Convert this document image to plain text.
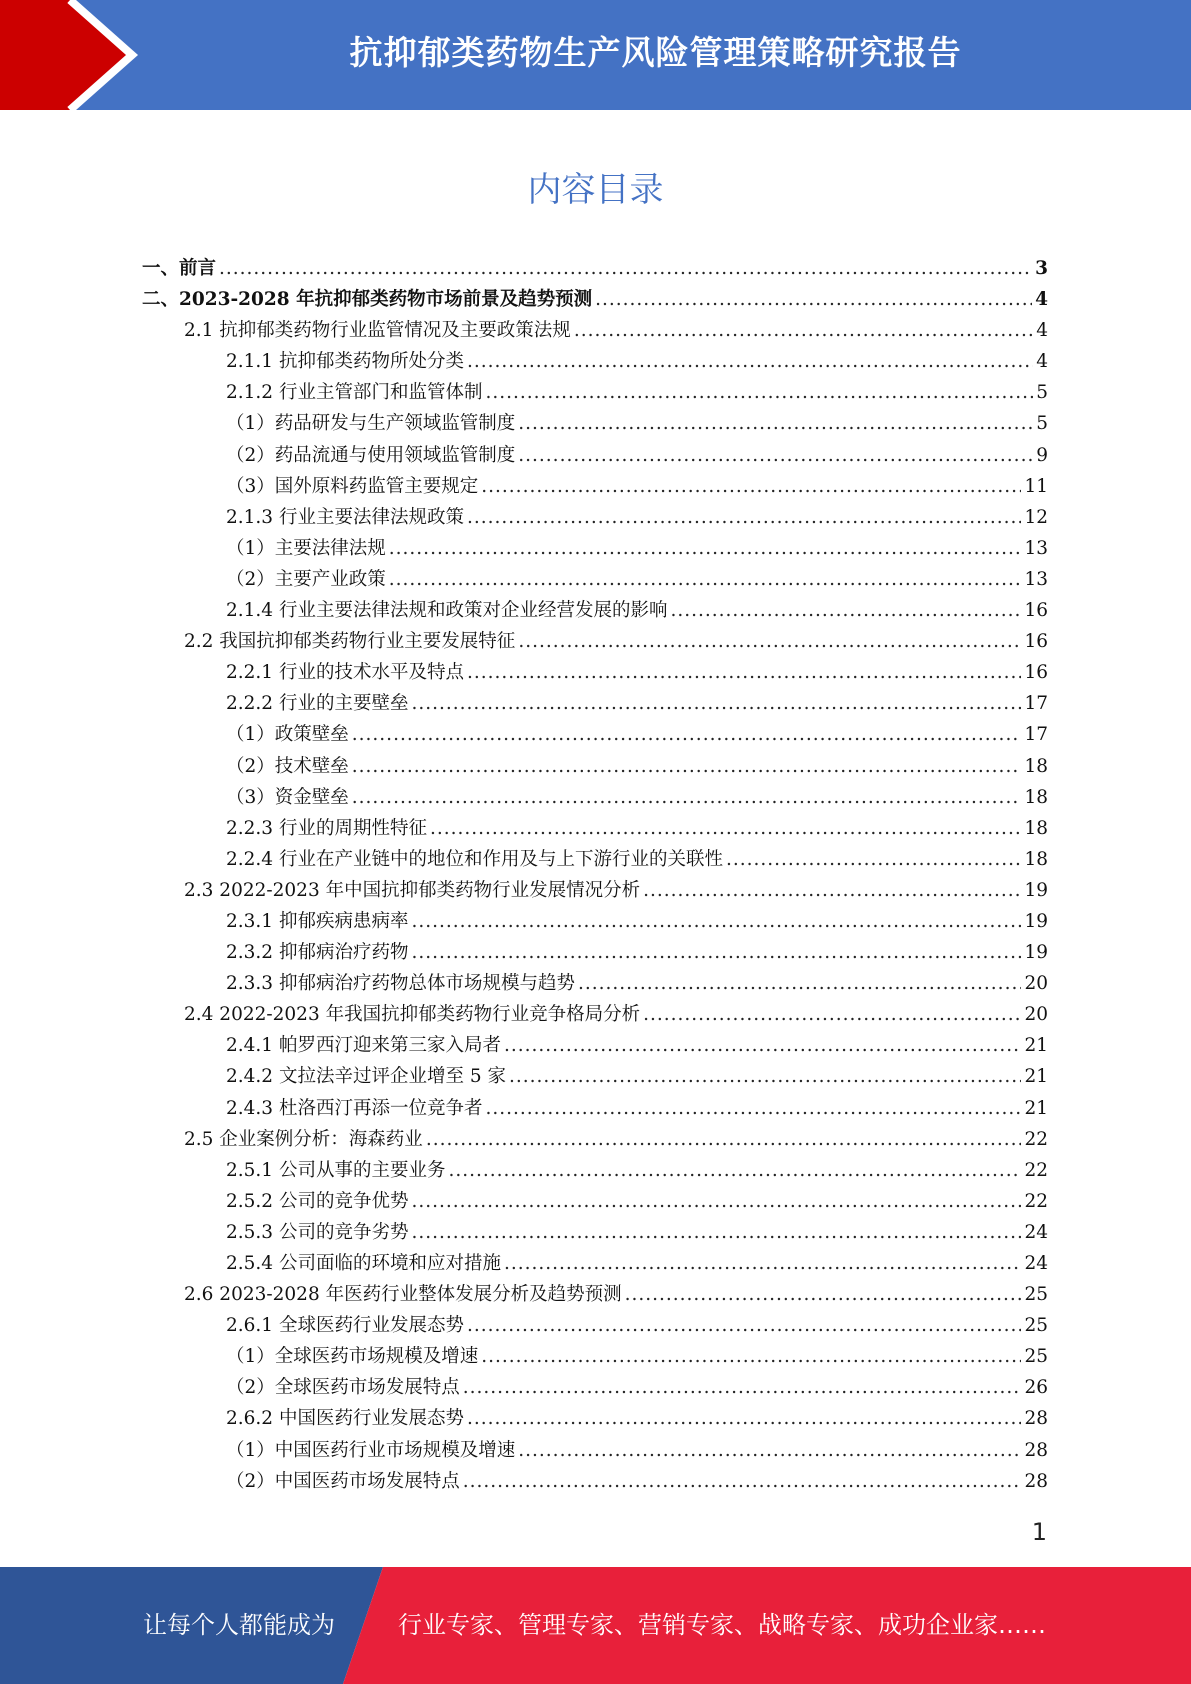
抗抑郁类药物生产风险管理策略研究报告
内容目录
一、前言 .....	3
二、2023-2028 年抗抑郁类药物市场前景及趋势预测 .....	4
2.1 抗抑郁类药物行业监管情况及主要政策法规 .....	4
2.1.1 抗抑郁类药物所处分类 .....	4
2.1.2 行业主管部门和监管体制 .....	5
（1）药品研发与生产领域监管制度 .....	5
（2）药品流通与使用领域监管制度 .....	9
（3）国外原料药监管主要规定 .....	11
2.1.3 行业主要法律法规政策 .....	12
（1）主要法律法规 .....	13
（2）主要产业政策 .....	13
2.1.4 行业主要法律法规和政策对企业经营发展的影响 .....	16
2.2 我国抗抑郁类药物行业主要发展特征 .....	16
2.2.1 行业的技术水平及特点 .....	16
2.2.2 行业的主要壁垒 .....	17
（1）政策壁垒 .....	17
（2）技术壁垒 .....	18
（3）资金壁垒 .....	18
2.2.3 行业的周期性特征 .....	18
2.2.4 行业在产业链中的地位和作用及与上下游行业的关联性 .....	18
2.3 2022-2023 年中国抗抑郁类药物行业发展情况分析 .....	19
2.3.1 抑郁疾病患病率 .....	19
2.3.2 抑郁病治疗药物 .....	19
2.3.3 抑郁病治疗药物总体市场规模与趋势 .....	20
2.4 2022-2023 年我国抗抑郁类药物行业竞争格局分析 .....	20
2.4.1 帕罗西汀迎来第三家入局者 .....	21
2.4.2 文拉法辛过评企业增至 5 家 .....	21
2.4.3 杜洛西汀再添一位竞争者 .....	21
2.5 企业案例分析：海森药业 .....	22
2.5.1 公司从事的主要业务 .....	22
2.5.2 公司的竞争优势 .....	22
2.5.3 公司的竞争劣势 .....	24
2.5.4 公司面临的环境和应对措施 .....	24
2.6 2023-2028 年医药行业整体发展分析及趋势预测 .....	25
2.6.1 全球医药行业发展态势 .....	25
（1）全球医药市场规模及增速 .....	25
（2）全球医药市场发展特点 .....	26
2.6.2 中国医药行业发展态势 .....	28
（1）中国医药行业市场规模及增速 .....	28
（2）中国医药市场发展特点 .....	28
1
让每个人都能成为	行业专家、管理专家、营销专家、战略专家、成功企业家……
